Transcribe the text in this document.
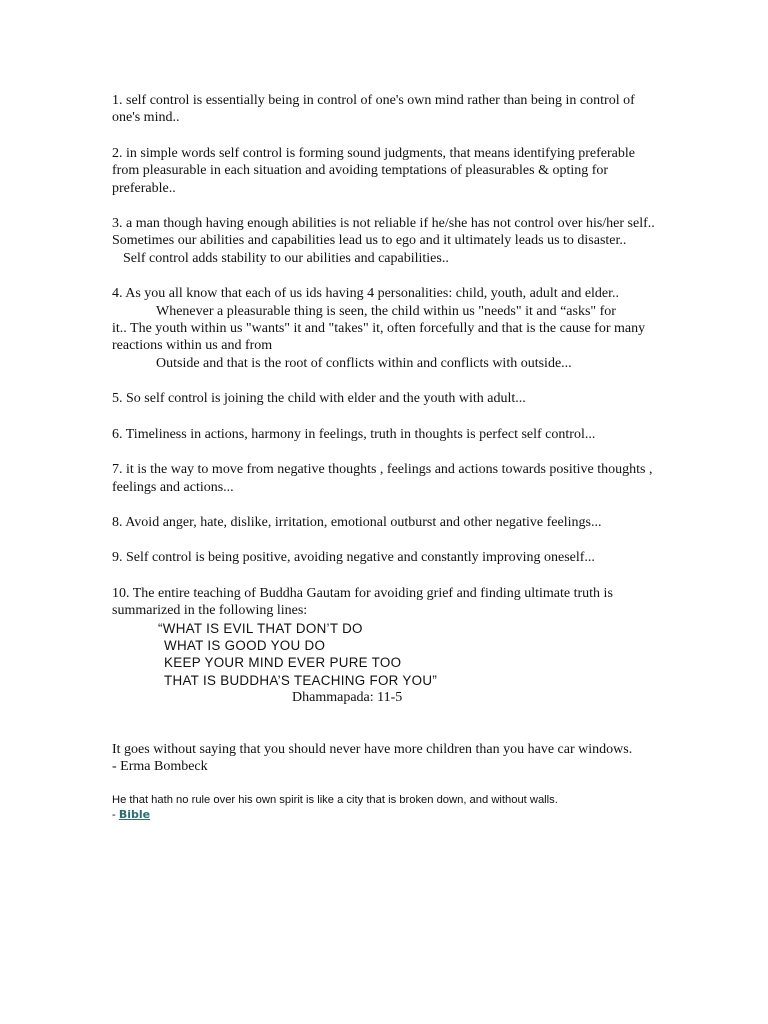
1. self control is essentially being in control of one's own mind rather than being in control of one's mind..

2. in simple words self control is forming sound judgments, that means identifying preferable from pleasurable in each situation and avoiding temptations of pleasurables & opting for preferable..

3. a man though having enough abilities is not reliable if he/she has not control over his/her self.. Sometimes our abilities and capabilities lead us to ego and it ultimately leads us to disaster..
Self control adds stability to our abilities and capabilities..

4. As you all know that each of us ids having 4 personalities: child, youth, adult and elder..
Whenever a pleasurable thing is seen, the child within us "needs" it and “asks" for
it.. The youth within us "wants" it and "takes" it, often forcefully and that is the cause for many reactions within us and from
Outside and that is the root of conflicts within and conflicts with outside...

5. So self control is joining the child with elder and the youth with adult...

6. Timeliness in actions, harmony in feelings, truth in thoughts is perfect self control...

7. it is the way to move from negative thoughts , feelings and actions towards positive thoughts , feelings and actions...

8. Avoid anger, hate, dislike, irritation, emotional outburst and other negative feelings...

9. Self control is being positive, avoiding negative and constantly improving oneself...

10. The entire teaching of Buddha Gautam for avoiding grief and finding ultimate truth is summarized in the following lines:
“WHAT IS EVIL THAT DON’T DO
WHAT IS GOOD YOU DO
KEEP YOUR MIND EVER PURE TOO
THAT IS BUDDHA’S TEACHING FOR YOU”
Dhammapada: 11-5
It goes without saying that you should never have more children than you have car windows.
- Erma Bombeck

He that hath no rule over his own spirit is like a city that is broken down, and without walls.
- Bible
